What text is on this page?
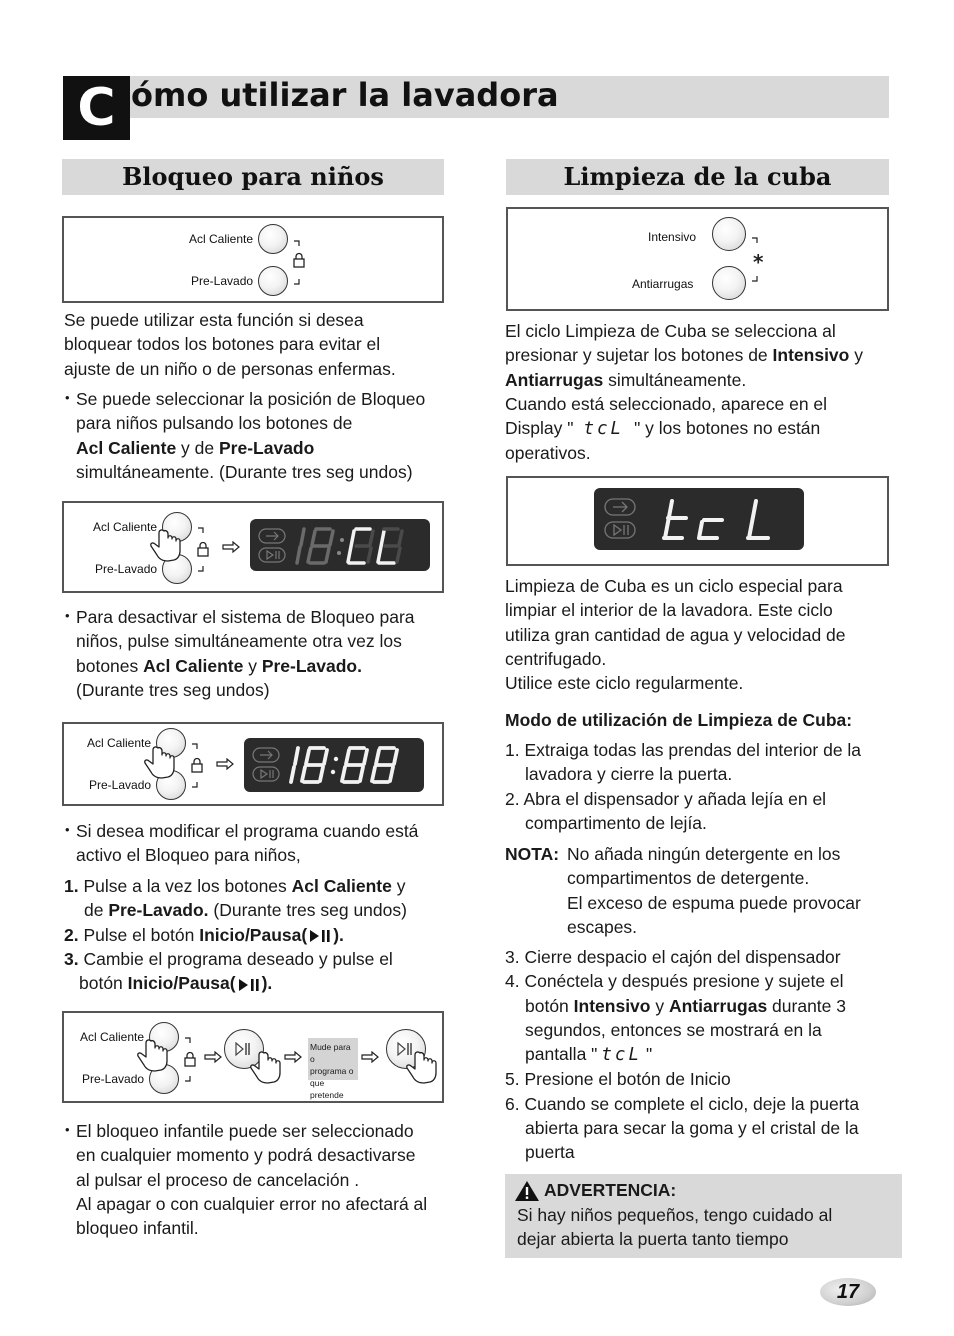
C ómo utilizar la lavadora
Bloqueo para niños
Acl Caliente
Pre-Lavado
Se puede utilizar esta función si desea
bloquear todos los botones para evitar el
ajuste de un niño o de personas enfermas.
• Se puede seleccionar la posición de Bloqueo
para niños pulsando los botones de
Acl Caliente y de Pre-Lavado
simultáneamente. (Durante tres seg undos)
Acl Caliente
Pre-Lavado
• Para desactivar el sistema de Bloqueo para
niños, pulse simultáneamente otra vez los
botones Acl Caliente y Pre-Lavado.
(Durante tres seg undos)
Acl Caliente
Pre-Lavado
• Si desea modificar el programa cuando está
activo el Bloqueo para niños,
1. Pulse a la vez los botones Acl Caliente y
de Pre-Lavado. (Durante tres seg undos)
2. Pulse el botón Inicio/Pausa( ).
3. Cambie el programa deseado y pulse el
botón Inicio/Pausa( ).
Acl Caliente
Pre-Lavado
Mude para o
programa o
que pretende
• El bloqueo infantile puede ser seleccionado
en cualquier momento y podrá desactivarse
al pulsar el proceso de cancelación .
Al apagar o con cualquier error no afectará al
bloqueo infantil.
Limpieza de la cuba
Intensivo
Antiarrugas
*
El ciclo Limpieza de Cuba se selecciona al
presionar y sujetar los botones de Intensivo y
Antiarrugas simultáneamente.
Cuando está seleccionado, aparece en el
Display " tcL " y los botones no están
operativos.
Limpieza de Cuba es un ciclo especial para
limpiar el interior de la lavadora. Este ciclo
utiliza gran cantidad de agua y velocidad de
centrifugado.
Utilice este ciclo regularmente.
Modo de utilización de Limpieza de Cuba:
1. Extraiga todas las prendas del interior de la
lavadora y cierre la puerta.
2. Abra el dispensador y añada lejía en el
compartimento de lejía.
NOTA: No añada ningún detergente en los
compartimentos de detergente.
El exceso de espuma puede provocar
escapes.
3. Cierre despacio el cajón del dispensador
4. Conéctela y después presione y sujete el
botón Intensivo y Antiarrugas durante 3
segundos, entonces se mostrará en la
pantalla " tcL "
5. Presione el botón de Inicio
6. Cuando se complete el ciclo, deje la puerta
abierta para secar la goma y el cristal de la
puerta
ADVERTENCIA:
Si hay niños pequeños, tengo cuidado al
dejar abierta la puerta tanto tiempo
17
